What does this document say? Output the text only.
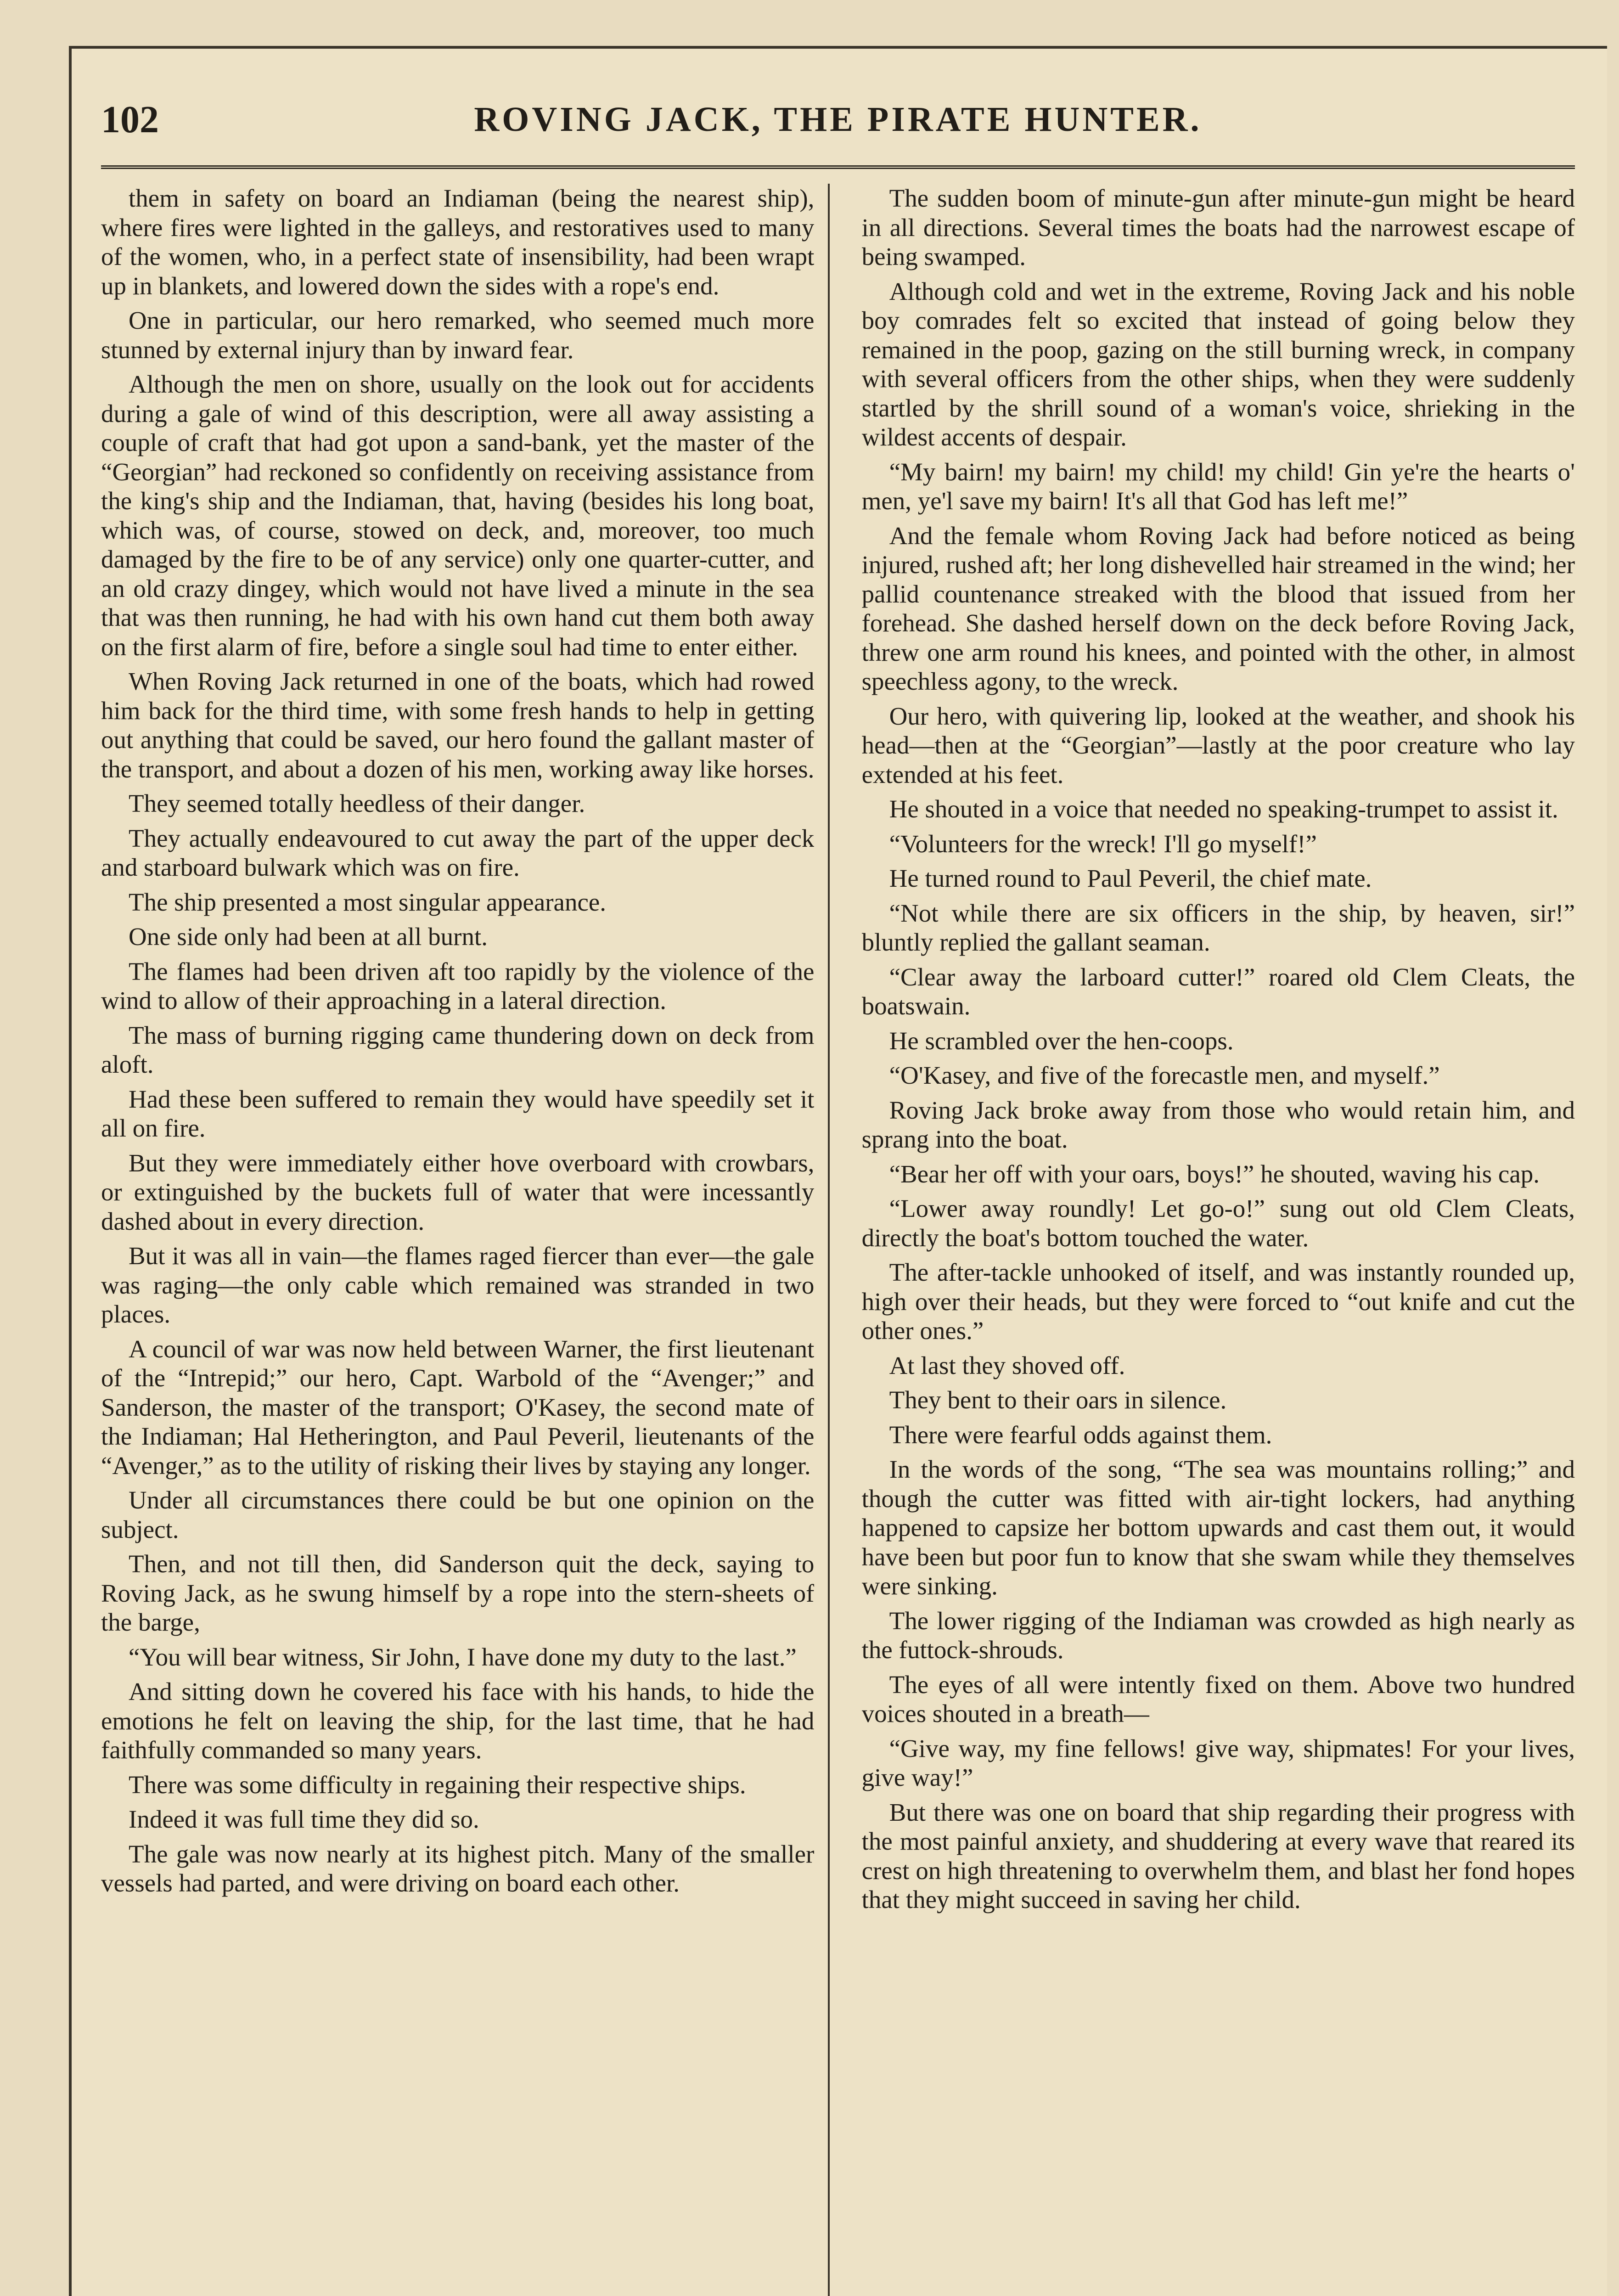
102	ROVING JACK, THE PIRATE HUNTER.

them in safety on board an Indiaman (being the nearest ship), where fires were lighted in the galleys, and restoratives used to many of the women, who, in a perfect state of insensibility, had been wrapt up in blankets, and lowered down the sides with a rope's end.

One in particular, our hero remarked, who seemed much more stunned by external injury than by inward fear.

Although the men on shore, usually on the look out for accidents during a gale of wind of this description, were all away assisting a couple of craft that had got upon a sand-bank, yet the master of the “Georgian” had reckoned so confidently on receiving assistance from the king's ship and the Indiaman, that, having (besides his long boat, which was, of course, stowed on deck, and, moreover, too much damaged by the fire to be of any service) only one quarter-cutter, and an old crazy dingey, which would not have lived a minute in the sea that was then running, he had with his own hand cut them both away on the first alarm of fire, before a single soul had time to enter either.

When Roving Jack returned in one of the boats, which had rowed him back for the third time, with some fresh hands to help in getting out anything that could be saved, our hero found the gallant master of the transport, and about a dozen of his men, working away like horses.

They seemed totally heedless of their danger.

They actually endeavoured to cut away the part of the upper deck and starboard bulwark which was on fire.

The ship presented a most singular appearance.

One side only had been at all burnt.

The flames had been driven aft too rapidly by the violence of the wind to allow of their approaching in a lateral direction.

The mass of burning rigging came thundering down on deck from aloft.

Had these been suffered to remain they would have speedily set it all on fire.

But they were immediately either hove overboard with crowbars, or extinguished by the buckets full of water that were incessantly dashed about in every direction.

But it was all in vain—the flames raged fiercer than ever—the gale was raging—the only cable which remained was stranded in two places.

A council of war was now held between Warner, the first lieutenant of the “Intrepid;” our hero, Capt. Warbold of the “Avenger;” and Sanderson, the master of the transport; O'Kasey, the second mate of the Indiaman; Hal Hetherington, and Paul Peveril, lieutenants of the “Avenger,” as to the utility of risking their lives by staying any longer.

Under all circumstances there could be but one opinion on the subject.

Then, and not till then, did Sanderson quit the deck, saying to Roving Jack, as he swung himself by a rope into the stern-sheets of the barge,

“You will bear witness, Sir John, I have done my duty to the last.”

And sitting down he covered his face with his hands, to hide the emotions he felt on leaving the ship, for the last time, that he had faithfully commanded so many years.

There was some difficulty in regaining their respective ships.

Indeed it was full time they did so.

The gale was now nearly at its highest pitch. Many of the smaller vessels had parted, and were driving on board each other.

The sudden boom of minute-gun after minute-gun might be heard in all directions. Several times the boats had the narrowest escape of being swamped.

Although cold and wet in the extreme, Roving Jack and his noble boy comrades felt so excited that instead of going below they remained in the poop, gazing on the still burning wreck, in company with several officers from the other ships, when they were suddenly startled by the shrill sound of a woman's voice, shrieking in the wildest accents of despair.

“My bairn! my bairn! my child! my child! Gin ye're the hearts o' men, ye'l save my bairn! It's all that God has left me!”

And the female whom Roving Jack had before noticed as being injured, rushed aft; her long dishevelled hair streamed in the wind; her pallid countenance streaked with the blood that issued from her forehead. She dashed herself down on the deck before Roving Jack, threw one arm round his knees, and pointed with the other, in almost speechless agony, to the wreck.

Our hero, with quivering lip, looked at the weather, and shook his head—then at the “Georgian”—lastly at the poor creature who lay extended at his feet.

He shouted in a voice that needed no speaking-trumpet to assist it.

“Volunteers for the wreck! I'll go myself!”

He turned round to Paul Peveril, the chief mate.

“Not while there are six officers in the ship, by heaven, sir!” bluntly replied the gallant seaman.

“Clear away the larboard cutter!” roared old Clem Cleats, the boatswain.

He scrambled over the hen-coops.

“O'Kasey, and five of the forecastle men, and myself.”

Roving Jack broke away from those who would retain him, and sprang into the boat.

“Bear her off with your oars, boys!” he shouted, waving his cap.

“Lower away roundly! Let go-o!” sung out old Clem Cleats, directly the boat's bottom touched the water.

The after-tackle unhooked of itself, and was instantly rounded up, high over their heads, but they were forced to “out knife and cut the other ones.”

At last they shoved off.

They bent to their oars in silence.

There were fearful odds against them.

In the words of the song, “The sea was mountains rolling;” and though the cutter was fitted with air-tight lockers, had anything happened to capsize her bottom upwards and cast them out, it would have been but poor fun to know that she swam while they themselves were sinking.

The lower rigging of the Indiaman was crowded as high nearly as the futtock-shrouds.

The eyes of all were intently fixed on them. Above two hundred voices shouted in a breath—

“Give way, my fine fellows! give way, shipmates! For your lives, give way!”

But there was one on board that ship regarding their progress with the most painful anxiety, and shuddering at every wave that reared its crest on high threatening to overwhelm them, and blast her fond hopes that they might succeed in saving her child.
